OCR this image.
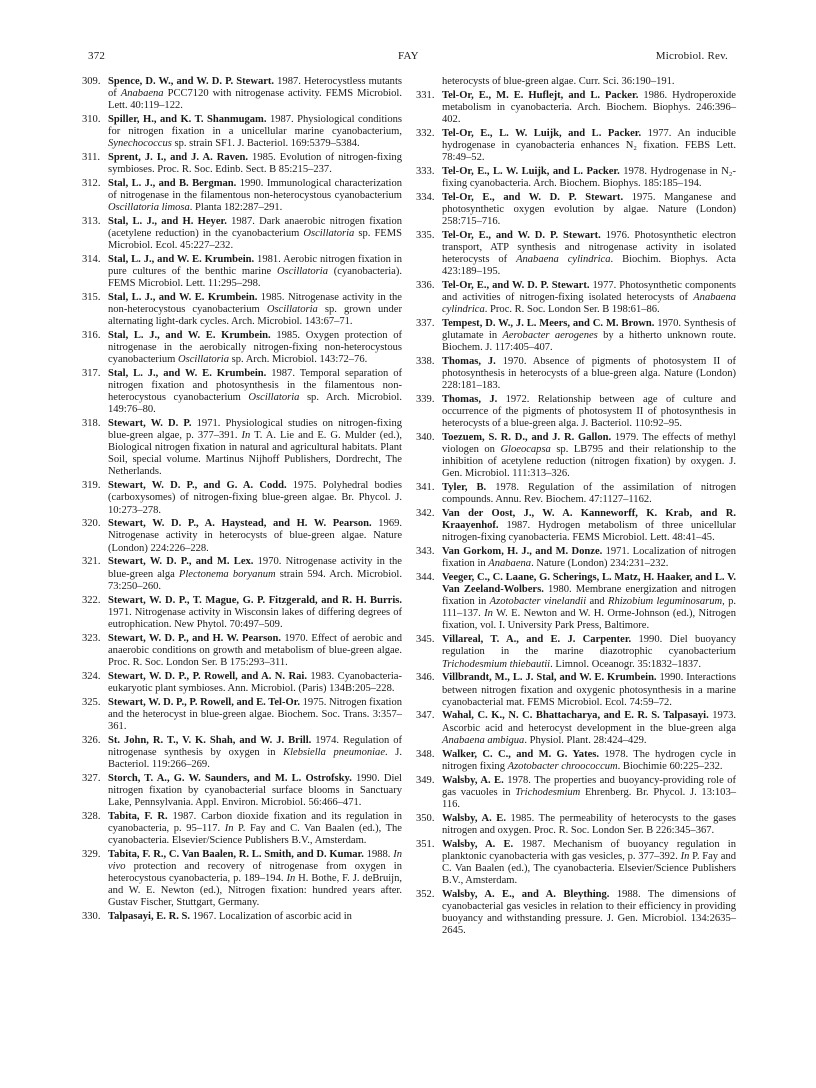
372	FAY	Microbiol. Rev.
309. Spence, D. W., and W. D. P. Stewart. 1987. Heterocystless mutants of Anabaena PCC7120 with nitrogenase activity. FEMS Microbiol. Lett. 40:119–122.
310. Spiller, H., and K. T. Shanmugam. 1987. Physiological conditions for nitrogen fixation in a unicellular marine cyanobacterium, Synechococcus sp. strain SF1. J. Bacteriol. 169:5379–5384.
311. Sprent, J. I., and J. A. Raven. 1985. Evolution of nitrogen-fixing symbioses. Proc. R. Soc. Edinb. Sect. B 85:215–237.
312. Stal, L. J., and B. Bergman. 1990. Immunological characterization of nitrogenase in the filamentous non-heterocystous cyanobacterium Oscillatoria limosa. Planta 182:287–291.
313. Stal, L. J., and H. Heyer. 1987. Dark anaerobic nitrogen fixation (acetylene reduction) in the cyanobacterium Oscillatoria sp. FEMS Microbiol. Ecol. 45:227–232.
314. Stal, L. J., and W. E. Krumbein. 1981. Aerobic nitrogen fixation in pure cultures of the benthic marine Oscillatoria (cyanobacteria). FEMS Microbiol. Lett. 11:295–298.
315. Stal, L. J., and W. E. Krumbein. 1985. Nitrogenase activity in the non-heterocystous cyanobacterium Oscillatoria sp. grown under alternating light-dark cycles. Arch. Microbiol. 143:67–71.
316. Stal, L. J., and W. E. Krumbein. 1985. Oxygen protection of nitrogenase in the aerobically nitrogen-fixing non-heterocystous cyanobacterium Oscillatoria sp. Arch. Microbiol. 143:72–76.
317. Stal, L. J., and W. E. Krumbein. 1987. Temporal separation of nitrogen fixation and photosynthesis in the filamentous non-heterocystous cyanobacterium Oscillatoria sp. Arch. Microbiol. 149:76–80.
318. Stewart, W. D. P. 1971. Physiological studies on nitrogen-fixing blue-green algae, p. 377–391. In T. A. Lie and E. G. Mulder (ed.), Biological nitrogen fixation in natural and agricultural habitats. Plant Soil, special volume. Martinus Nijhoff Publishers, Dordrecht, The Netherlands.
319. Stewart, W. D. P., and G. A. Codd. 1975. Polyhedral bodies (carboxysomes) of nitrogen-fixing blue-green algae. Br. Phycol. J. 10:273–278.
320. Stewart, W. D. P., A. Haystead, and H. W. Pearson. 1969. Nitrogenase activity in heterocysts of blue-green algae. Nature (London) 224:226–228.
321. Stewart, W. D. P., and M. Lex. 1970. Nitrogenase activity in the blue-green alga Plectonema boryanum strain 594. Arch. Microbiol. 73:250–260.
322. Stewart, W. D. P., T. Mague, G. P. Fitzgerald, and R. H. Burris. 1971. Nitrogenase activity in Wisconsin lakes of differing degrees of eutrophication. New Phytol. 70:497–509.
323. Stewart, W. D. P., and H. W. Pearson. 1970. Effect of aerobic and anaerobic conditions on growth and metabolism of blue-green algae. Proc. R. Soc. London Ser. B 175:293–311.
324. Stewart, W. D. P., P. Rowell, and A. N. Rai. 1983. Cyanobacteria-eukaryotic plant symbioses. Ann. Microbiol. (Paris) 134B:205–228.
325. Stewart, W. D. P., P. Rowell, and E. Tel-Or. 1975. Nitrogen fixation and the heterocyst in blue-green algae. Biochem. Soc. Trans. 3:357–361.
326. St. John, R. T., V. K. Shah, and W. J. Brill. 1974. Regulation of nitrogenase synthesis by oxygen in Klebsiella pneumoniae. J. Bacteriol. 119:266–269.
327. Storch, T. A., G. W. Saunders, and M. L. Ostrofsky. 1990. Diel nitrogen fixation by cyanobacterial surface blooms in Sanctuary Lake, Pennsylvania. Appl. Environ. Microbiol. 56:466–471.
328. Tabita, F. R. 1987. Carbon dioxide fixation and its regulation in cyanobacteria, p. 95–117. In P. Fay and C. Van Baalen (ed.), The cyanobacteria. Elsevier/Science Publishers B.V., Amsterdam.
329. Tabita, F. R., C. Van Baalen, R. L. Smith, and D. Kumar. 1988. In vivo protection and recovery of nitrogenase from oxygen in heterocystous cyanobacteria, p. 189–194. In H. Bothe, F. J. deBruijn, and W. E. Newton (ed.), Nitrogen fixation: hundred years after. Gustav Fischer, Stuttgart, Germany.
330. Talpasayi, E. R. S. 1967. Localization of ascorbic acid in
heterocysts of blue-green algae. Curr. Sci. 36:190–191.
331. Tel-Or, E., M. E. Huflejt, and L. Packer. 1986. Hydroperoxide metabolism in cyanobacteria. Arch. Biochem. Biophys. 246:396–402.
332. Tel-Or, E., L. W. Luijk, and L. Packer. 1977. An inducible hydrogenase in cyanobacteria enhances N₂ fixation. FEBS Lett. 78:49–52.
333. Tel-Or, E., L. W. Luijk, and L. Packer. 1978. Hydrogenase in N₂-fixing cyanobacteria. Arch. Biochem. Biophys. 185:185–194.
334. Tel-Or, E., and W. D. P. Stewart. 1975. Manganese and photosynthetic oxygen evolution by algae. Nature (London) 258:715–716.
335. Tel-Or, E., and W. D. P. Stewart. 1976. Photosynthetic electron transport, ATP synthesis and nitrogenase activity in isolated heterocysts of Anabaena cylindrica. Biochim. Biophys. Acta 423:189–195.
336. Tel-Or, E., and W. D. P. Stewart. 1977. Photosynthetic components and activities of nitrogen-fixing isolated heterocysts of Anabaena cylindrica. Proc. R. Soc. London Ser. B 198:61–86.
337. Tempest, D. W., J. L. Meers, and C. M. Brown. 1970. Synthesis of glutamate in Aerobacter aerogenes by a hitherto unknown route. Biochem. J. 117:405–407.
338. Thomas, J. 1970. Absence of pigments of photosystem II of photosynthesis in heterocysts of a blue-green alga. Nature (London) 228:181–183.
339. Thomas, J. 1972. Relationship between age of culture and occurrence of the pigments of photosystem II of photosynthesis in heterocysts of a blue-green alga. J. Bacteriol. 110:92–95.
340. Toezuem, S. R. D., and J. R. Gallon. 1979. The effects of methyl viologen on Gloeocapsa sp. LB795 and their relationship to the inhibition of acetylene reduction (nitrogen fixation) by oxygen. J. Gen. Microbiol. 111:313–326.
341. Tyler, B. 1978. Regulation of the assimilation of nitrogen compounds. Annu. Rev. Biochem. 47:1127–1162.
342. Van der Oost, J., W. A. Kanneworff, K. Krab, and R. Kraayenhof. 1987. Hydrogen metabolism of three unicellular nitrogen-fixing cyanobacteria. FEMS Microbiol. Lett. 48:41–45.
343. Van Gorkom, H. J., and M. Donze. 1971. Localization of nitrogen fixation in Anabaena. Nature (London) 234:231–232.
344. Veeger, C., C. Laane, G. Scherings, L. Matz, H. Haaker, and L. V. Van Zeeland-Wolbers. 1980. Membrane energization and nitrogen fixation in Azotobacter vinelandii and Rhizobium leguminosarum, p. 111–137. In W. E. Newton and W. H. Orme-Johnson (ed.), Nitrogen fixation, vol. I. University Park Press, Baltimore.
345. Villareal, T. A., and E. J. Carpenter. 1990. Diel buoyancy regulation in the marine diazotrophic cyanobacterium Trichodesmium thiebautii. Limnol. Oceanogr. 35:1832–1837.
346. Villbrandt, M., L. J. Stal, and W. E. Krumbein. 1990. Interactions between nitrogen fixation and oxygenic photosynthesis in a marine cyanobacterial mat. FEMS Microbiol. Ecol. 74:59–72.
347. Wahal, C. K., N. C. Bhattacharya, and E. R. S. Talpasayi. 1973. Ascorbic acid and heterocyst development in the blue-green alga Anabaena ambigua. Physiol. Plant. 28:424–429.
348. Walker, C. C., and M. G. Yates. 1978. The hydrogen cycle in nitrogen fixing Azotobacter chroococcum. Biochimie 60:225–232.
349. Walsby, A. E. 1978. The properties and buoyancy-providing role of gas vacuoles in Trichodesmium Ehrenberg. Br. Phycol. J. 13:103–116.
350. Walsby, A. E. 1985. The permeability of heterocysts to the gases nitrogen and oxygen. Proc. R. Soc. London Ser. B 226:345–367.
351. Walsby, A. E. 1987. Mechanism of buoyancy regulation in planktonic cyanobacteria with gas vesicles, p. 377–392. In P. Fay and C. Van Baalen (ed.), The cyanobacteria. Elsevier/Science Publishers B.V., Amsterdam.
352. Walsby, A. E., and A. Bleything. 1988. The dimensions of cyanobacterial gas vesicles in relation to their efficiency in providing buoyancy and withstanding pressure. J. Gen. Microbiol. 134:2635–2645.
